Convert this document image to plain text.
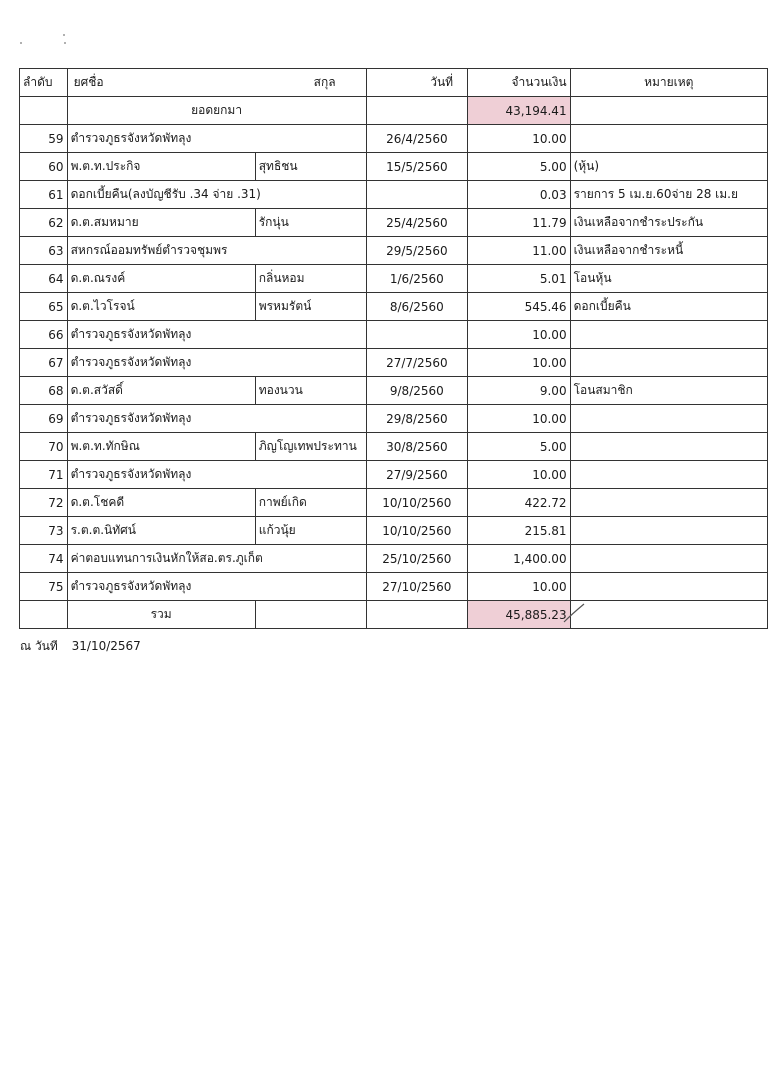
ลำดับ	ยศชื่อ สกุล		วันที่	จำนวนเงิน	หมายเหตุ
	ยอดยกมา			43,194.41	
59	ตำรวจภูธรจังหวัดพัทลุง		26/4/2560	10.00	
60	พ.ต.ท.ประกิจ	สุทธิชน	15/5/2560	5.00	(หุ้น)
61	ดอกเบี้ยคืน(ลงบัญชีรับ .34 จ่าย .31)			0.03	รายการ 5 เม.ย.60จ่าย 28 เม.ย
62	ด.ต.สมหมาย	รักนุ่น	25/4/2560	11.79	เงินเหลือจากชำระประกัน
63	สหกรณ์ออมทรัพย์ตำรวจชุมพร		29/5/2560	11.00	เงินเหลือจากชำระหนี้
64	ด.ต.ณรงค์	กลิ่นหอม	1/6/2560	5.01	โอนหุ้น
65	ด.ต.ไวโรจน์	พรหมรัตน์	8/6/2560	545.46	ดอกเบี้ยคืน
66	ตำรวจภูธรจังหวัดพัทลุง			10.00	
67	ตำรวจภูธรจังหวัดพัทลุง		27/7/2560	10.00	
68	ด.ต.สวัสดิ์	ทองนวน	9/8/2560	9.00	โอนสมาชิก
69	ตำรวจภูธรจังหวัดพัทลุง		29/8/2560	10.00	
70	พ.ต.ท.ทักษิณ	ภิญโญเทพประทาน	30/8/2560	5.00	
71	ตำรวจภูธรจังหวัดพัทลุง		27/9/2560	10.00	
72	ด.ต.โชคดี	กาพย์เกิด	10/10/2560	422.72	
73	ร.ต.ต.นิทัศน์	แก้วนุ้ย	10/10/2560	215.81	
74	ค่าตอบแทนการเงินหักให้สอ.ตร.ภูเก็ต		25/10/2560	1,400.00	
75	ตำรวจภูธรจังหวัดพัทลุง		27/10/2560	10.00	
	รวม			45,885.23	
ณ วันที 31/10/2567
